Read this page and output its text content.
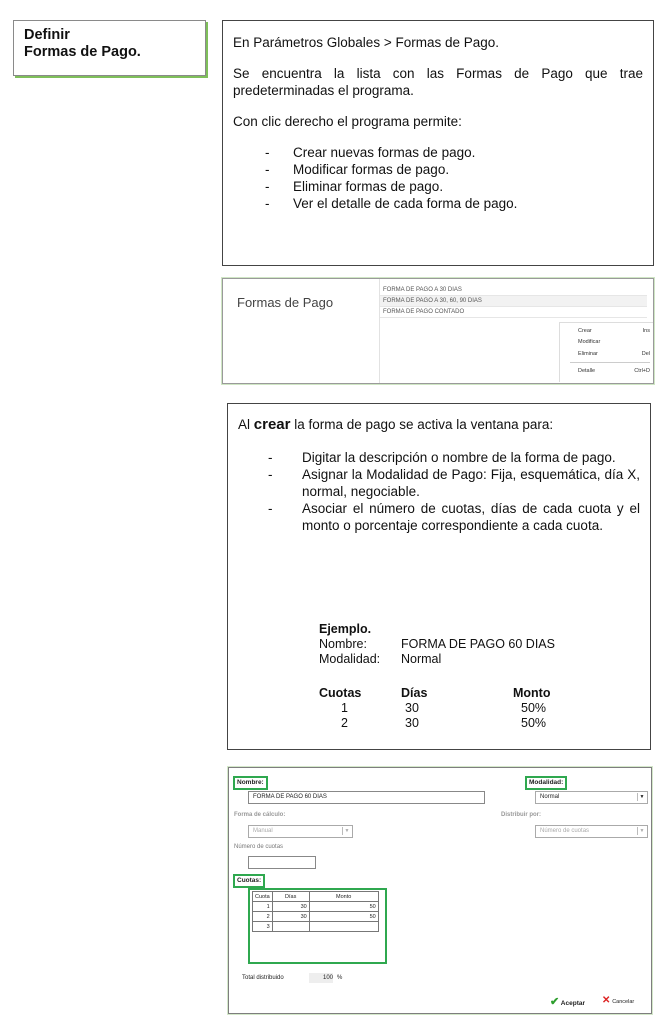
Definir
Formas de Pago.

En Parámetros Globales > Formas de Pago.

Se encuentra la lista con las Formas de Pago que trae predeterminadas el programa.

Con clic derecho el programa permite:

- Crear nuevas formas de pago.
- Modificar formas de pago.
- Eliminar formas de pago.
- Ver el detalle de cada forma de pago.
Formas de Pago
FORMA DE PAGO A 30 DIAS
FORMA DE PAGO A 30, 60, 90 DIAS
FORMA DE PAGO CONTADO
Crear	Ins
Modificar
Eliminar	Del
Detalle	Ctrl+D

Al crear la forma de pago se activa la ventana para:

- Digitar la descripción o nombre de la forma de pago.
- Asignar la Modalidad de Pago: Fija, esquemática, día X, normal, negociable.
- Asociar el número de cuotas, días de cada cuota y el monto o porcentaje correspondiente a cada cuota.
Ejemplo.
Nombre:	FORMA DE PAGO 60 DIAS
Modalidad: Normal
Cuotas	Días	Monto
1	30	50%
2	30	50%
Nombre:
FORMA DE PAGO 60 DIAS
Modalidad:
Normal	▼
Forma de cálculo:
Manual	▼
Distribuir por:
Número de cuotas	▼
Número de cuotas
Cuotas:
Cuota	Días	Monto
1	30	50
2	30	50
3		
Total distribuido	100 %
✔ Aceptar ✕ Cancelar
